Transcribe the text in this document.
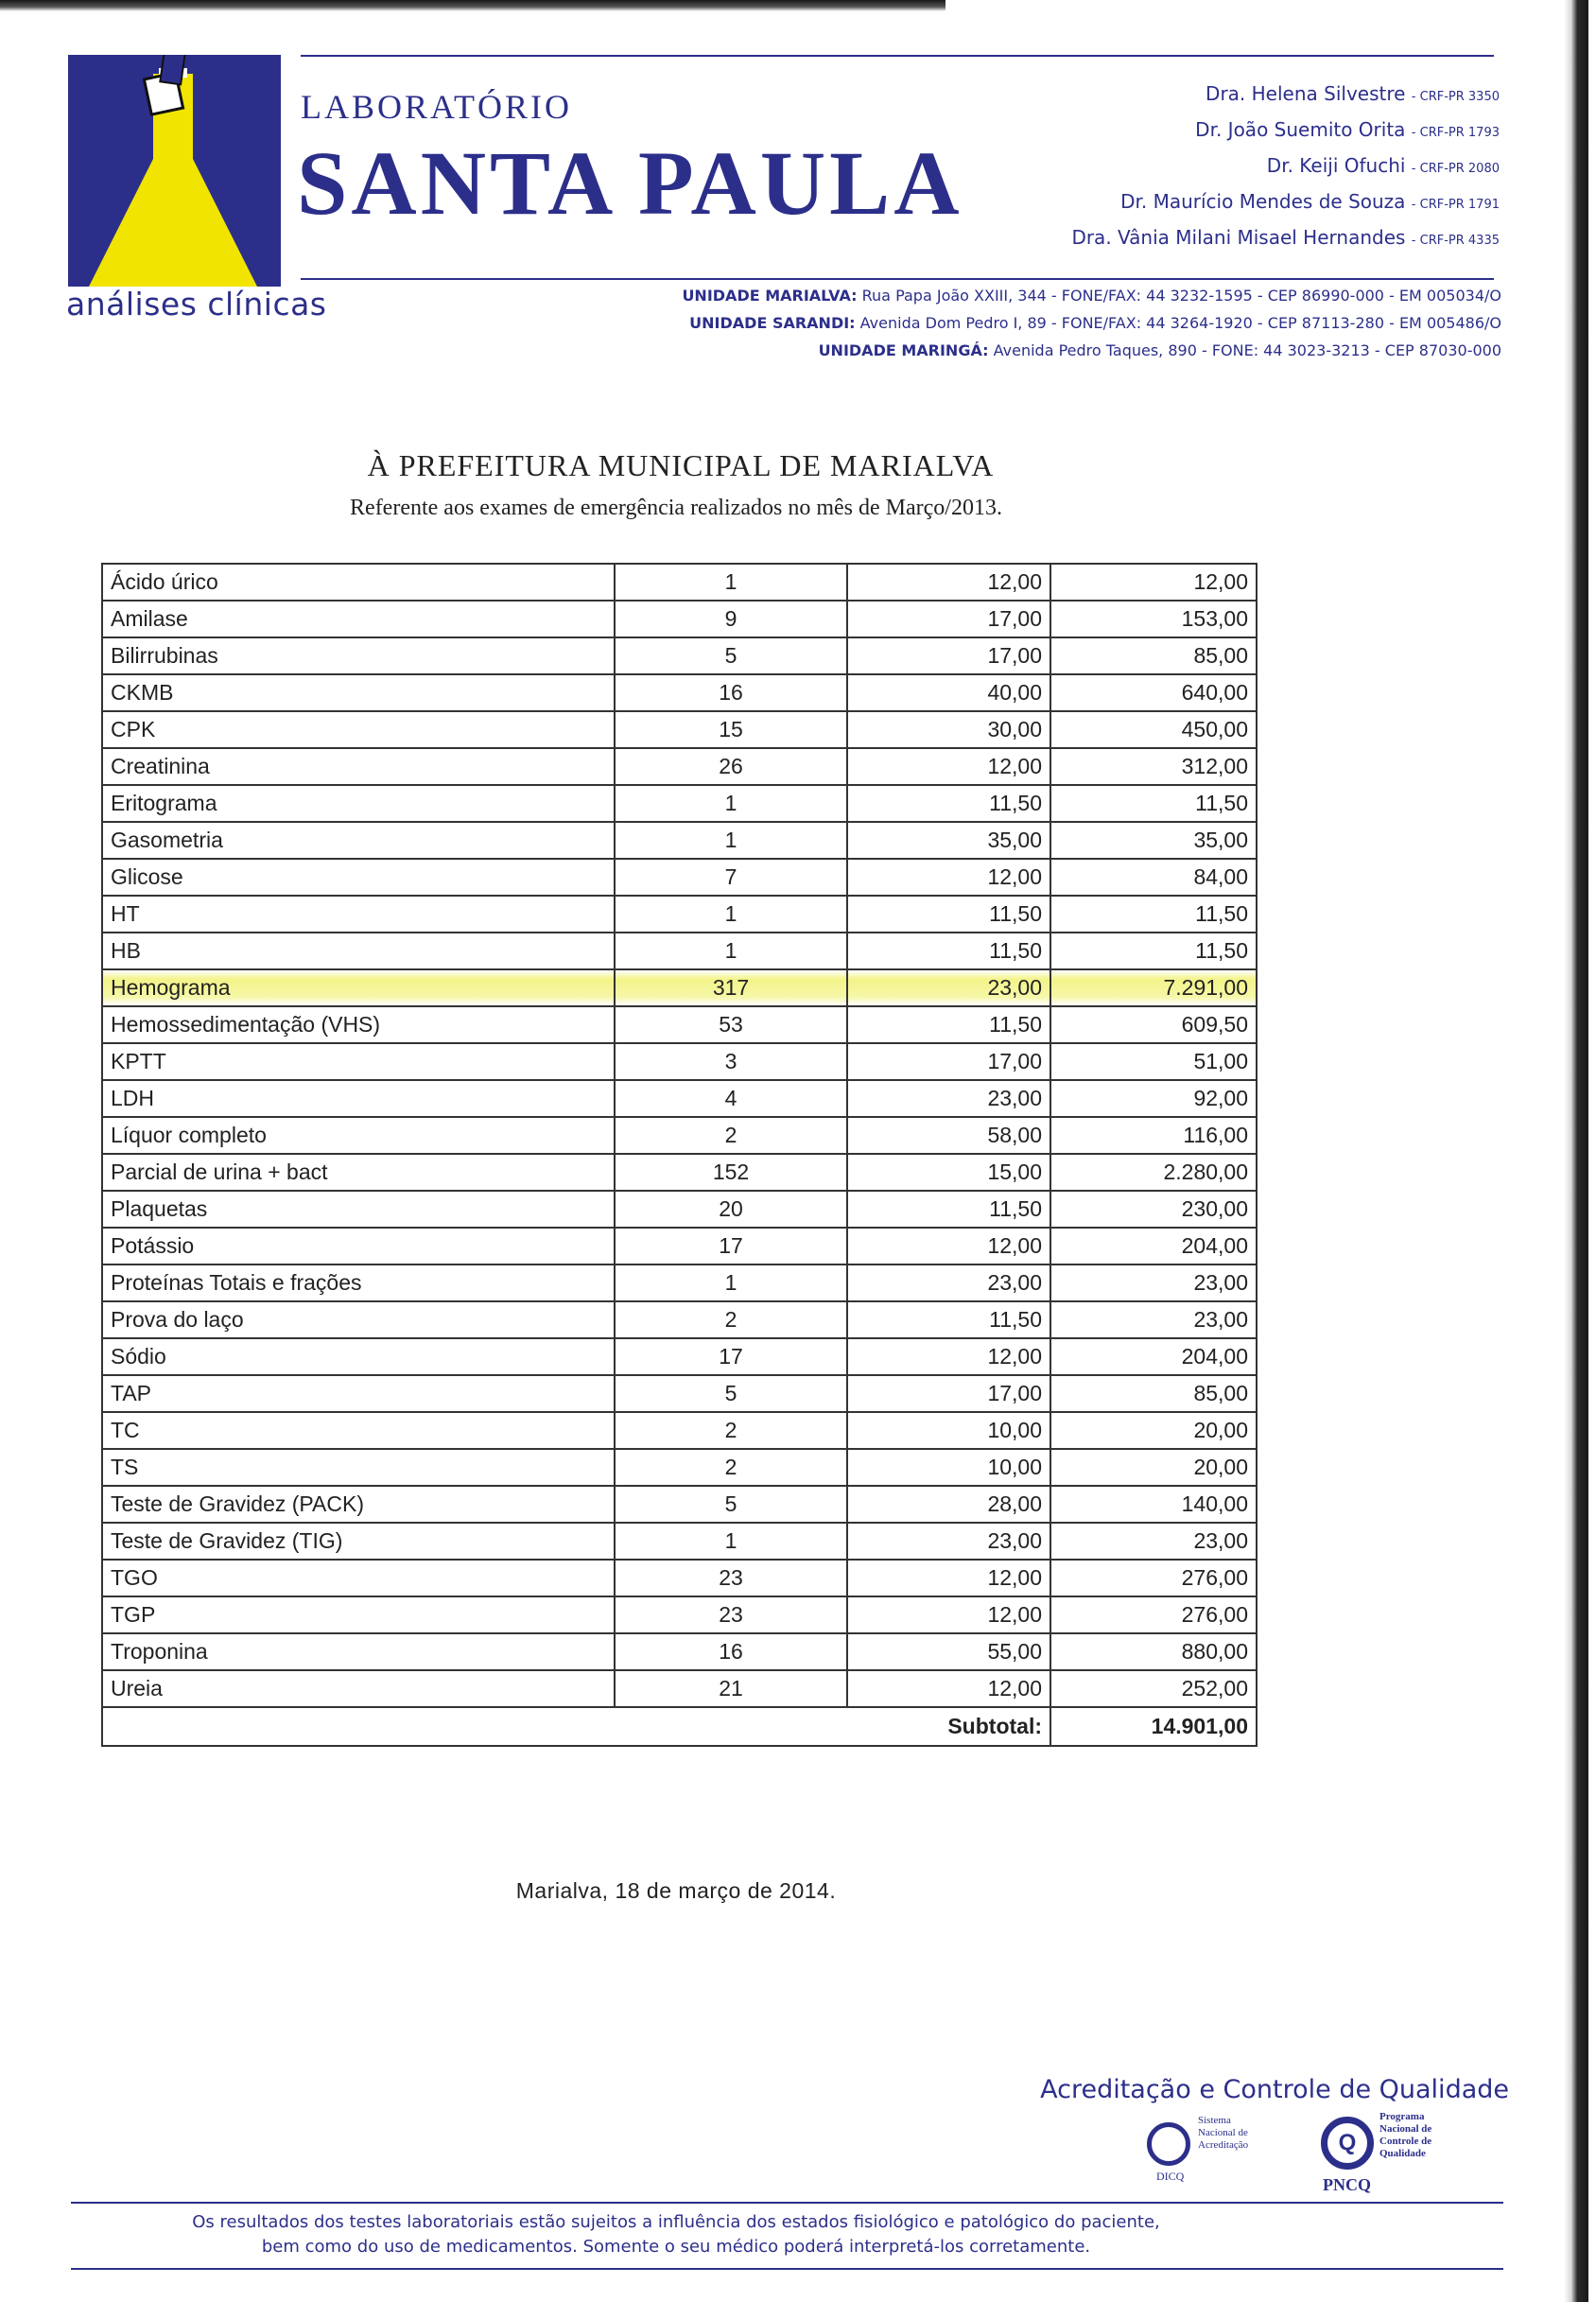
análises clínicas
LABORATÓRIO
SANTA PAULA
Dra. Helena Silvestre - CRF-PR 3350
Dr. João Suemito Orita - CRF-PR 1793
Dr. Keiji Ofuchi - CRF-PR 2080
Dr. Maurício Mendes de Souza - CRF-PR 1791
Dra. Vânia Milani Misael Hernandes - CRF-PR 4335
UNIDADE MARIALVA: Rua Papa João XXIII, 344 - FONE/FAX: 44 3232-1595 - CEP 86990-000 - EM 005034/O
UNIDADE SARANDI: Avenida Dom Pedro I, 89 - FONE/FAX: 44 3264-1920 - CEP 87113-280 - EM 005486/O
UNIDADE MARINGÁ: Avenida Pedro Taques, 890 - FONE: 44 3023-3213 - CEP 87030-000
À PREFEITURA MUNICIPAL DE MARIALVA
Referente aos exames de emergência realizados no mês de Março/2013.
Ácido úrico	1	12,00	12,00
Amilase	9	17,00	153,00
Bilirrubinas	5	17,00	85,00
CKMB	16	40,00	640,00
CPK	15	30,00	450,00
Creatinina	26	12,00	312,00
Eritograma	1	11,50	11,50
Gasometria	1	35,00	35,00
Glicose	7	12,00	84,00
HT	1	11,50	11,50
HB	1	11,50	11,50
Hemograma	317	23,00	7.291,00
Hemossedimentação (VHS)	53	11,50	609,50
KPTT	3	17,00	51,00
LDH	4	23,00	92,00
Líquor completo	2	58,00	116,00
Parcial de urina + bact	152	15,00	2.280,00
Plaquetas	20	11,50	230,00
Potássio	17	12,00	204,00
Proteínas Totais e frações	1	23,00	23,00
Prova do laço	2	11,50	23,00
Sódio	17	12,00	204,00
TAP	5	17,00	85,00
TC	2	10,00	20,00
TS	2	10,00	20,00
Teste de Gravidez (PACK)	5	28,00	140,00
Teste de Gravidez (TIG)	1	23,00	23,00
TGO	23	12,00	276,00
TGP	23	12,00	276,00
Troponina	16	55,00	880,00
Ureia	21	12,00	252,00
		Subtotal:	14.901,00
Marialva, 18 de março de 2014.
Acreditação e Controle de Qualidade
Sistema
Nacional de
Acreditação
DICQ
Q
Programa
Nacional de
Controle de
Qualidade
PNCQ
Os resultados dos testes laboratoriais estão sujeitos a influência dos estados fisiológico e patológico do paciente,
bem como do uso de medicamentos. Somente o seu médico poderá interpretá-los corretamente.
